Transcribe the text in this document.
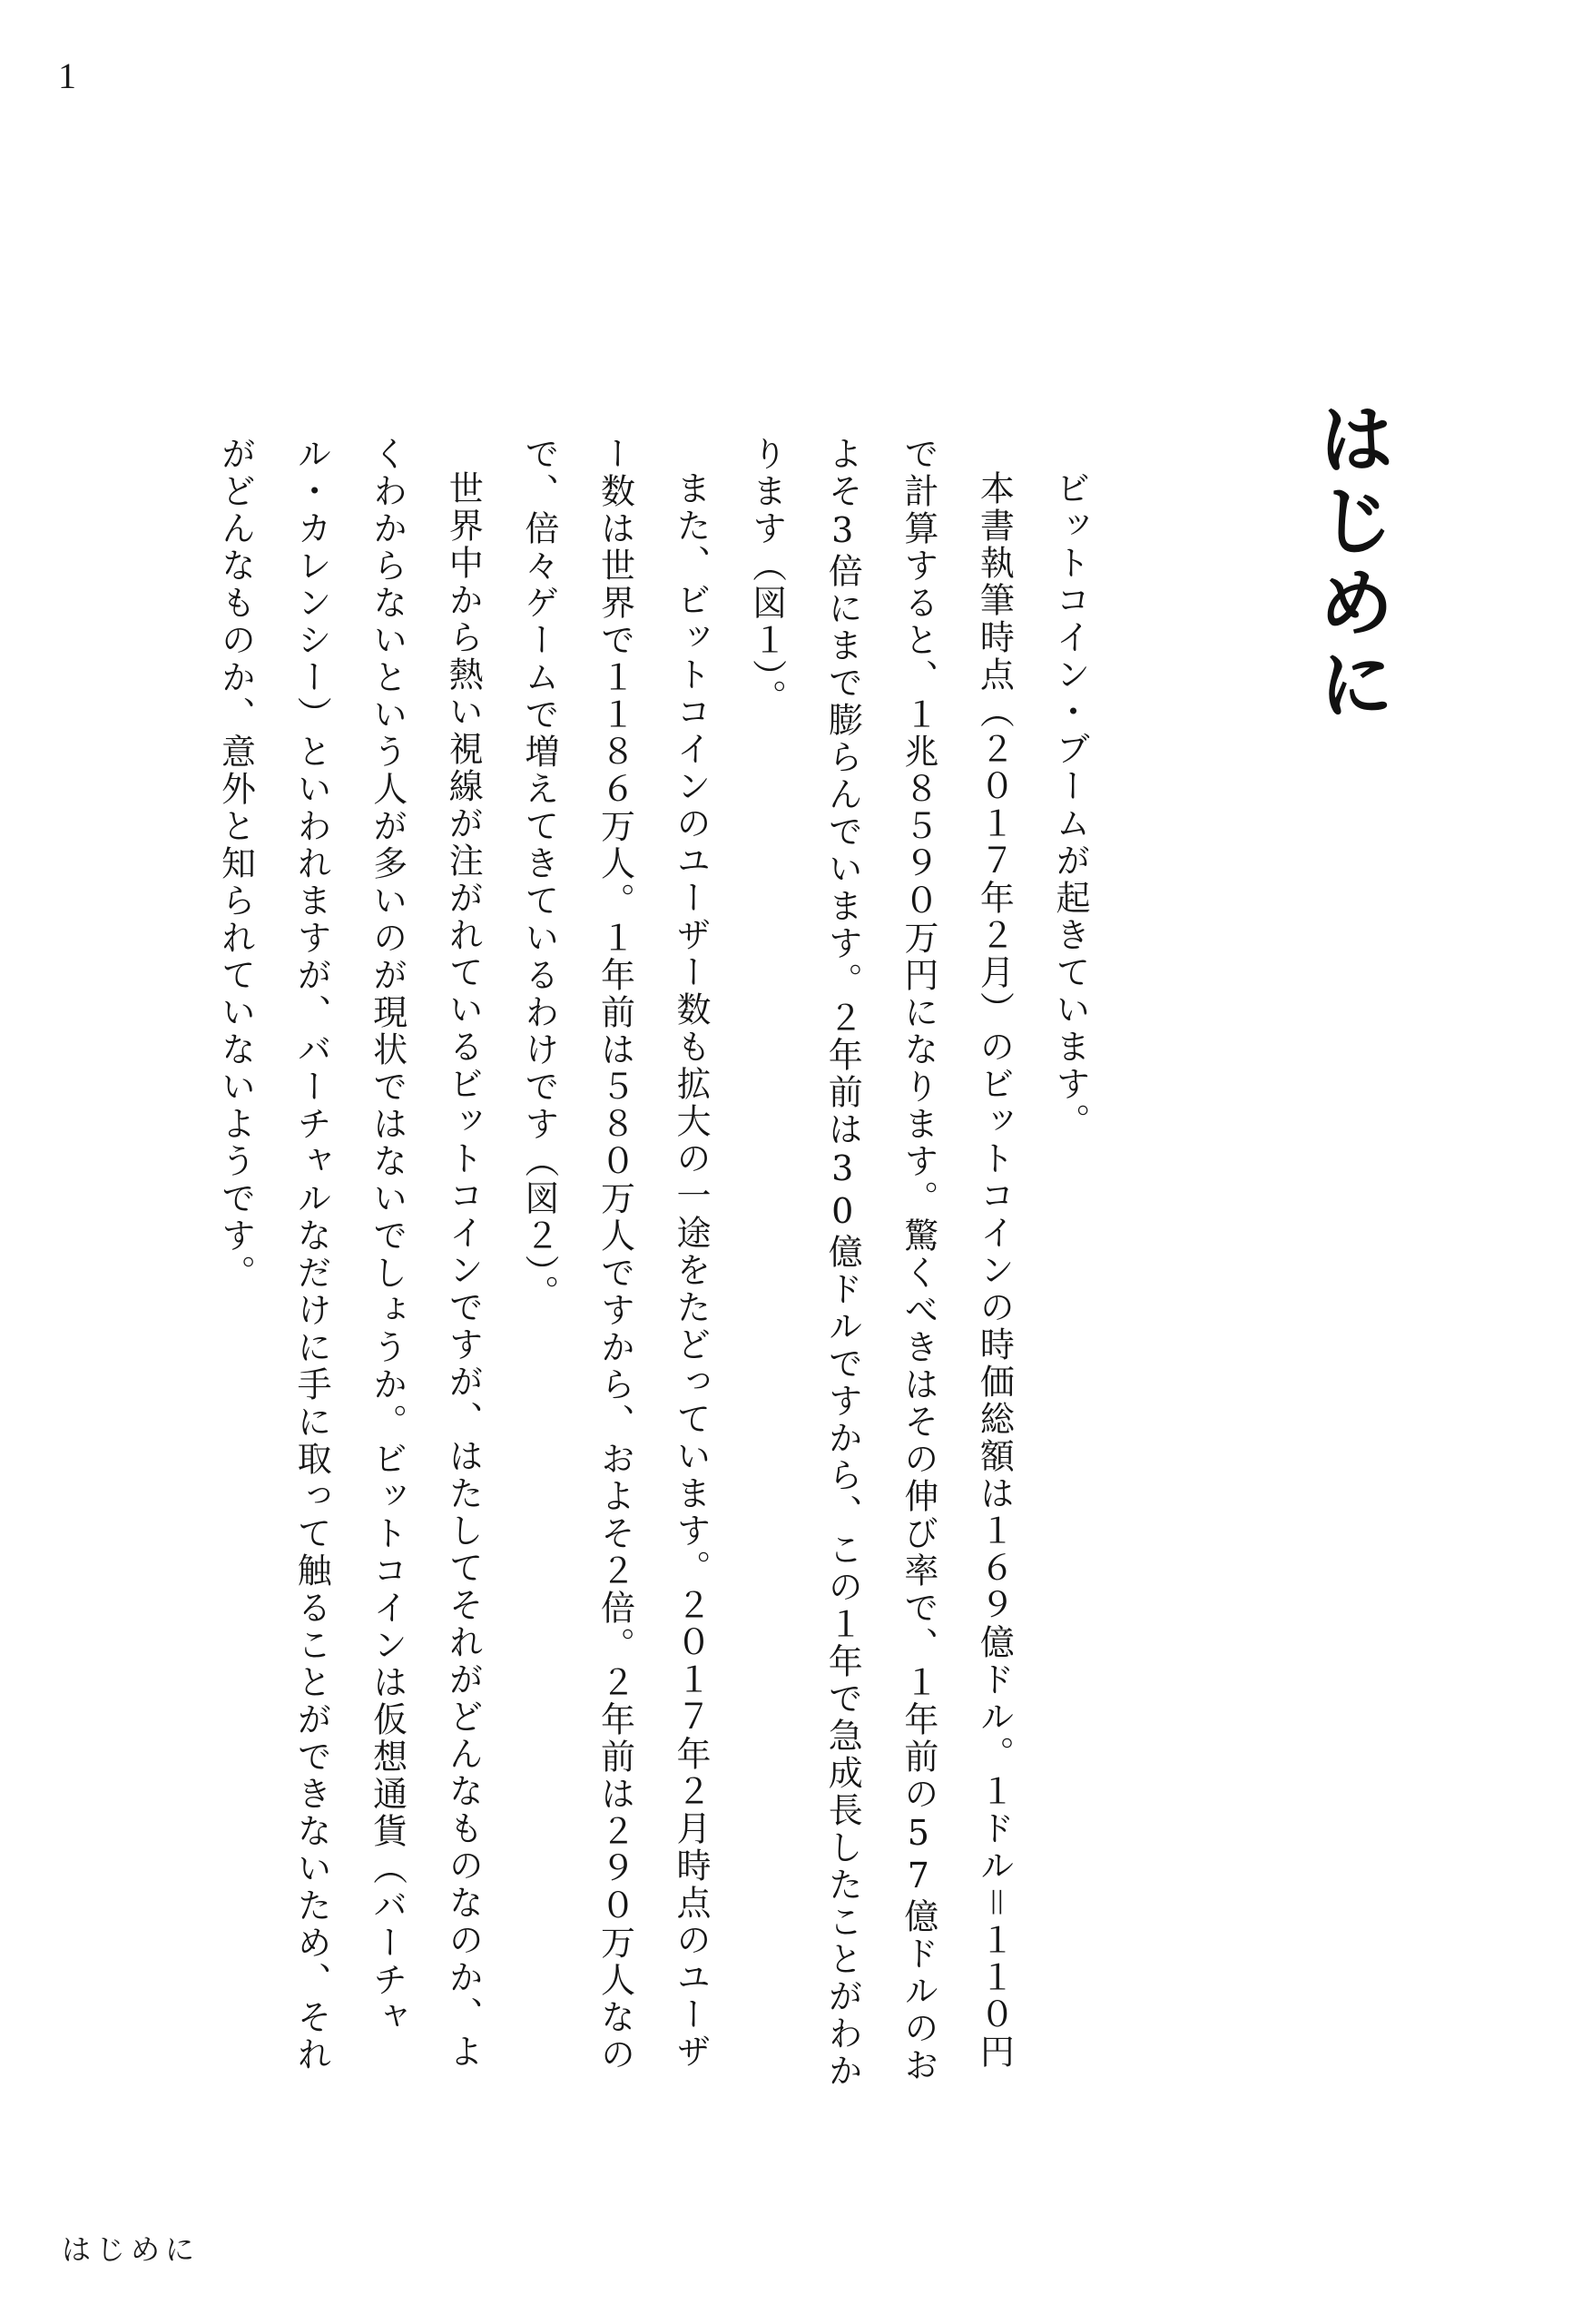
1
はじめに

ビットコイン・ブームが起きています。

本書執筆時点（２０１７年２月）のビットコインの時価総額は１６９億ドル。１ドル＝１１０円で計算すると、１兆８５９０万円になります。驚くべきはその伸び率で、１年前の57億ドルのおよそ3倍にまで膨らんでいます。２年前は30億ドルですから、この１年で急成長したことがわかります（図１）。

また、ビットコインのユーザー数も拡大の一途をたどっています。２０１７年２月時点のユーザー数は世界で１１８６万人。１年前は５８０万人ですから、およそ２倍。２年前は２９０万人なので、倍々ゲームで増えてきているわけです（図２）。

世界中から熱い視線が注がれているビットコインですが、はたしてそれがどんなものなのか、よくわからないという人が多いのが現状ではないでしょうか。ビットコインは仮想通貨（バーチャル・カレンシー）といわれますが、バーチャルなだけに手に取って触ることができないため、それがどんなものか、意外と知られていないようです。

はじめに
